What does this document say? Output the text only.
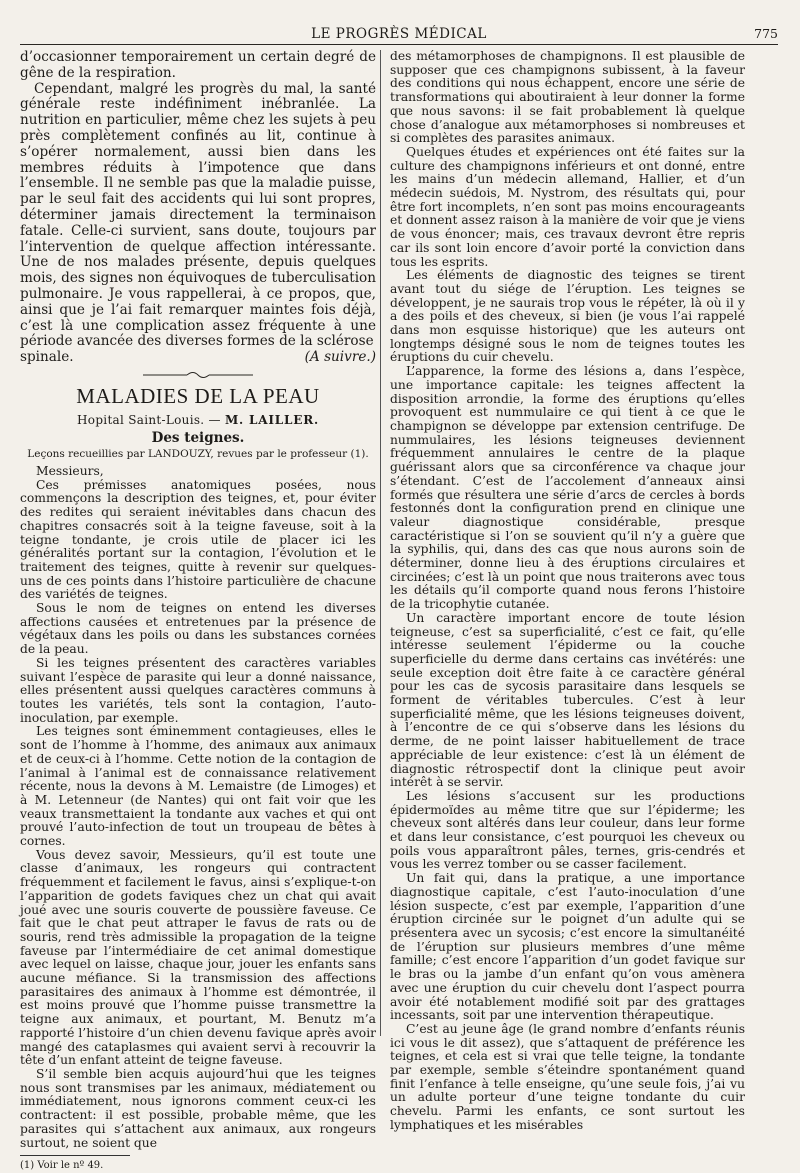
LE PROGRÈS MÉDICAL	775

d’occasionner temporairement un certain degré de gêne de la respiration.

Cependant, malgré les progrès du mal, la santé générale reste indéfiniment inébranlée. La nutrition en particulier, même chez les sujets à peu près complètement confinés au lit, continue à s’opérer normalement, aussi bien dans les membres réduits à l’impotence que dans l’ensemble. Il ne semble pas que la maladie puisse, par le seul fait des accidents qui lui sont propres, déterminer jamais directement la terminaison fatale. Celle-ci survient, sans doute, toujours par l’intervention de quelque affection intéressante. Une de nos malades présente, depuis quelques mois, des signes non équivoques de tuberculisation pulmonaire. Je vous rappellerai, à ce propos, que, ainsi que je l’ai fait remarquer maintes fois déjà, c’est là une complication assez fréquente à une période avancée des diverses formes de la sclérose

spinale.	(A suivre.)
MALADIES DE LA PEAU
Hopital Saint-Louis. — M. LAILLER.
Des teignes.
Leçons recueillies par LANDOUZY, revues par le professeur (1).

Messieurs,

Ces prémisses anatomiques posées, nous commençons la description des teignes, et, pour éviter des redites qui seraient inévitables dans chacun des chapitres consacrés soit à la teigne faveuse, soit à la teigne tondante, je crois utile de placer ici les généralités portant sur la contagion, l’évolution et le traitement des teignes, quitte à revenir sur quelques-uns de ces points dans l’histoire particulière de chacune des variétés de teignes.

Sous le nom de teignes on entend les diverses affections causées et entretenues par la présence de végétaux dans les poils ou dans les substances cornées de la peau.

Si les teignes présentent des caractères variables suivant l’espèce de parasite qui leur a donné naissance, elles présentent aussi quelques caractères communs à toutes les variétés, tels sont la contagion, l’auto-inoculation, par exemple.

Les teignes sont éminemment contagieuses, elles le sont de l’homme à l’homme, des animaux aux animaux et de ceux-ci à l’homme. Cette notion de la contagion de l’animal à l’animal est de connaissance relativement récente, nous la devons à M. Lemaistre (de Limoges) et à M. Letenneur (de Nantes) qui ont fait voir que les veaux transmettaient la tondante aux vaches et qui ont prouvé l’auto-infection de tout un troupeau de bêtes à cornes.

Vous devez savoir, Messieurs, qu’il est toute une classe d’animaux, les rongeurs qui contractent fréquemment et facilement le favus, ainsi s’explique-t-on l’apparition de godets faviques chez un chat qui avait joué avec une souris couverte de poussière faveuse. Ce fait que le chat peut attraper le favus de rats ou de souris, rend très admissible la propagation de la teigne faveuse par l’intermédiaire de cet animal domestique avec lequel on laisse, chaque jour, jouer les enfants sans aucune méfiance. Si la transmission des affections parasitaires des animaux à l’homme est démontrée, il est moins prouvé que l’homme puisse transmettre la teigne aux animaux, et pourtant, M. Benutz m’a rapporté l’histoire d’un chien devenu favique après avoir mangé des cataplasmes qui avaient servi à recouvrir la tête d’un enfant atteint de teigne faveuse.

S’il semble bien acquis aujourd’hui que les teignes nous sont transmises par les animaux, médiatement ou immédiatement, nous ignorons comment ceux-ci les contractent: il est possible, probable même, que les parasites qui s’attachent aux animaux, aux rongeurs surtout, ne soient que

(1) Voir le nº 49.

des métamorphoses de champignons. Il est plausible de supposer que ces champignons subissent, à la faveur des conditions qui nous échappent, encore une série de transformations qui aboutiraient à leur donner la forme que nous savons: il se fait probablement là quelque chose d’analogue aux métamorphoses si nombreuses et si complètes des parasites animaux.

Quelques études et expériences ont été faites sur la culture des champignons inférieurs et ont donné, entre les mains d’un médecin allemand, Hallier, et d’un médecin suédois, M. Nystrom, des résultats qui, pour être fort incomplets, n’en sont pas moins encourageants et donnent assez raison à la manière de voir que je viens de vous énoncer; mais, ces travaux devront être repris car ils sont loin encore d’avoir porté la conviction dans tous les esprits.

Les éléments de diagnostic des teignes se tirent avant tout du siége de l’éruption. Les teignes se développent, je ne saurais trop vous le répéter, là où il y a des poils et des cheveux, si bien (je vous l’ai rappelé dans mon esquisse historique) que les auteurs ont longtemps désigné sous le nom de teignes toutes les éruptions du cuir chevelu.

L’apparence, la forme des lésions a, dans l’espèce, une importance capitale: les teignes affectent la disposition arrondie, la forme des éruptions qu’elles provoquent est nummulaire ce qui tient à ce que le champignon se développe par extension centrifuge. De nummulaires, les lésions teigneuses deviennent fréquemment annulaires le centre de la plaque guérissant alors que sa circonférence va chaque jour s’étendant. C’est de l’accolement d’anneaux ainsi formés que résultera une série d’arcs de cercles à bords festonnés dont la configuration prend en clinique une valeur diagnostique considérable, presque caractéristique si l’on se souvient qu’il n’y a guère que la syphilis, qui, dans des cas que nous aurons soin de déterminer, donne lieu à des éruptions circulaires et circinées; c’est là un point que nous traiterons avec tous les détails qu’il comporte quand nous ferons l’histoire de la tricophytie cutanée.

Un caractère important encore de toute lésion teigneuse, c’est sa superficialité, c’est ce fait, qu’elle intéresse seulement l’épiderme ou la couche superficielle du derme dans certains cas invétérés: une seule exception doit être faite à ce caractère général pour les cas de sycosis parasitaire dans lesquels se forment de véritables tubercules. C’est à leur superficialité même, que les lésions teigneuses doivent, à l’encontre de ce qui s’observe dans les lésions du derme, de ne point laisser habituellement de trace appréciable de leur existence: c’est là un élément de diagnostic rétrospectif dont la clinique peut avoir intérêt à se servir.

Les lésions s’accusent sur les productions épidermoïdes au même titre que sur l’épiderme; les cheveux sont altérés dans leur couleur, dans leur forme et dans leur consistance, c’est pourquoi les cheveux ou poils vous apparaîtront pâles, ternes, gris-cendrés et vous les verrez tomber ou se casser facilement.

Un fait qui, dans la pratique, a une importance diagnostique capitale, c’est l’auto-inoculation d’une lésion suspecte, c’est par exemple, l’apparition d’une éruption circinée sur le poignet d’un adulte qui se présentera avec un sycosis; c’est encore la simultanéité de l’éruption sur plusieurs membres d’une même famille; c’est encore l’apparition d’un godet favique sur le bras ou la jambe d’un enfant qu’on vous amènera avec une éruption du cuir chevelu dont l’aspect pourra avoir été notablement modifié soit par des grattages incessants, soit par une intervention thérapeutique.

C’est au jeune âge (le grand nombre d’enfants réunis ici vous le dit assez), que s’attaquent de préférence les teignes, et cela est si vrai que telle teigne, la tondante par exemple, semble s’éteindre spontanément quand finit l’enfance à telle enseigne, qu’une seule fois, j’ai vu un adulte porteur d’une teigne tondante du cuir chevelu. Parmi les enfants, ce sont surtout les lymphatiques et les misérables
